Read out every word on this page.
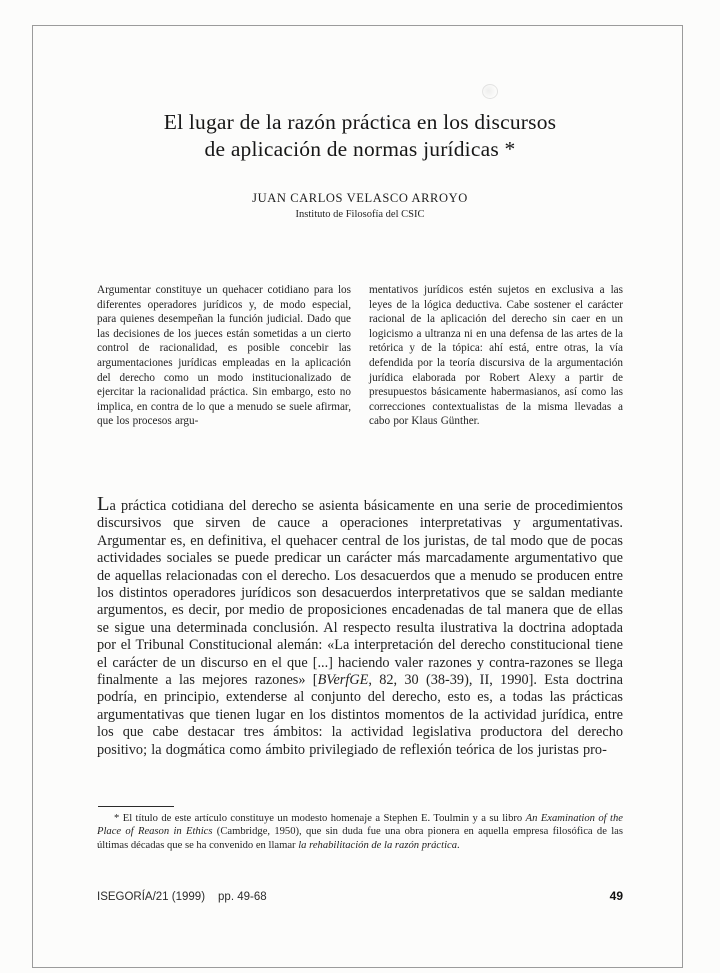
El lugar de la razón práctica en los discursos
de aplicación de normas jurídicas *
JUAN CARLOS VELASCO ARROYO
Instituto de Filosofía del CSIC
Argumentar constituye un quehacer cotidiano para los diferentes operadores jurídicos y, de modo especial, para quienes desempeñan la función judicial. Dado que las decisiones de los jueces están sometidas a un cierto control de racionalidad, es posible concebir las argumentaciones jurídicas empleadas en la aplicación del derecho como un modo institucionalizado de ejercitar la racionalidad práctica. Sin embargo, esto no implica, en contra de lo que a menudo se suele afirmar, que los procesos argu-
mentativos jurídicos estén sujetos en exclusiva a las leyes de la lógica deductiva. Cabe sostener el carácter racional de la aplicación del derecho sin caer en un logicismo a ultranza ni en una defensa de las artes de la retórica y de la tópica: ahí está, entre otras, la vía defendida por la teoría discursiva de la argumentación jurídica elaborada por Robert Alexy a partir de presupuestos básicamente habermasianos, así como las correcciones contextualistas de la misma llevadas a cabo por Klaus Günther.
La práctica cotidiana del derecho se asienta básicamente en una serie de procedimientos discursivos que sirven de cauce a operaciones interpretativas y argumentativas. Argumentar es, en definitiva, el quehacer central de los juristas, de tal modo que de pocas actividades sociales se puede predicar un carácter más marcadamente argumentativo que de aquellas relacionadas con el derecho. Los desacuerdos que a menudo se producen entre los distintos operadores jurídicos son desacuerdos interpretativos que se saldan mediante argumentos, es decir, por medio de proposiciones encadenadas de tal manera que de ellas se sigue una determinada conclusión. Al respecto resulta ilustrativa la doctrina adoptada por el Tribunal Constitucional alemán: «La interpretación del derecho constitucional tiene el carácter de un discurso en el que [...] haciendo valer razones y contra-razones se llega finalmente a las mejores razones» [BVerfGE, 82, 30 (38-39), II, 1990]. Esta doctrina podría, en principio, extenderse al conjunto del derecho, esto es, a todas las prácticas argumentativas que tienen lugar en los distintos momentos de la actividad jurídica, entre los que cabe destacar tres ámbitos: la actividad legislativa productora del derecho positivo; la dogmática como ámbito privilegiado de reflexión teórica de los juristas pro-
* El título de este artículo constituye un modesto homenaje a Stephen E. Toulmin y a su libro An Examination of the Place of Reason in Ethics (Cambridge, 1950), que sin duda fue una obra pionera en aquella empresa filosófica de las últimas décadas que se ha convenido en llamar la rehabilitación de la razón práctica.
ISEGORÍA/21 (1999) pp. 49-68	49
